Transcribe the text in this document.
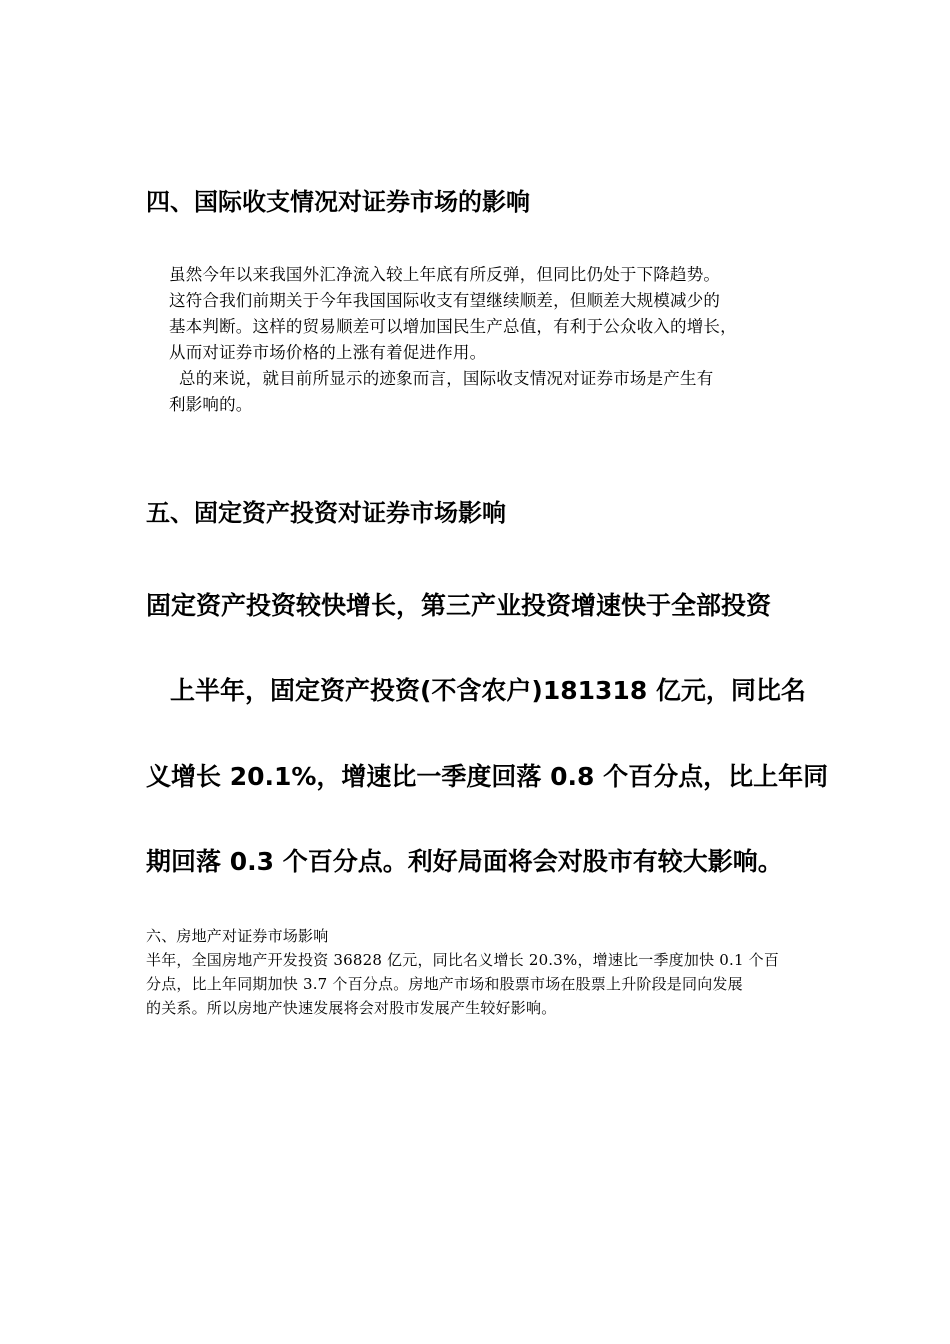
四、国际收支情况对证券市场的影响

虽然今年以来我国外汇净流入较上年底有所反弹，但同比仍处于下降趋势。

这符合我们前期关于今年我国国际收支有望继续顺差，但顺差大规模减少的

基本判断。这样的贸易顺差可以增加国民生产总值，有利于公众收入的增长，

从而对证券市场价格的上涨有着促进作用。

总的来说，就目前所显示的迹象而言，国际收支情况对证券市场是产生有

利影响的。

五、固定资产投资对证券市场影响
固定资产投资较快增长，第三产业投资增速快于全部投资
上半年，固定资产投资(不含农户)181318 亿元，同比名
义增长 20.1%，增速比一季度回落 0.8 个百分点，比上年同
期回落 0.3 个百分点。利好局面将会对股市有较大影响。

六、房地产对证券市场影响

半年，全国房地产开发投资 36828 亿元，同比名义增长 20.3%，增速比一季度加快 0.1 个百

分点，比上年同期加快 3.7 个百分点。房地产市场和股票市场在股票上升阶段是同向发展

的关系。所以房地产快速发展将会对股市发展产生较好影响。
